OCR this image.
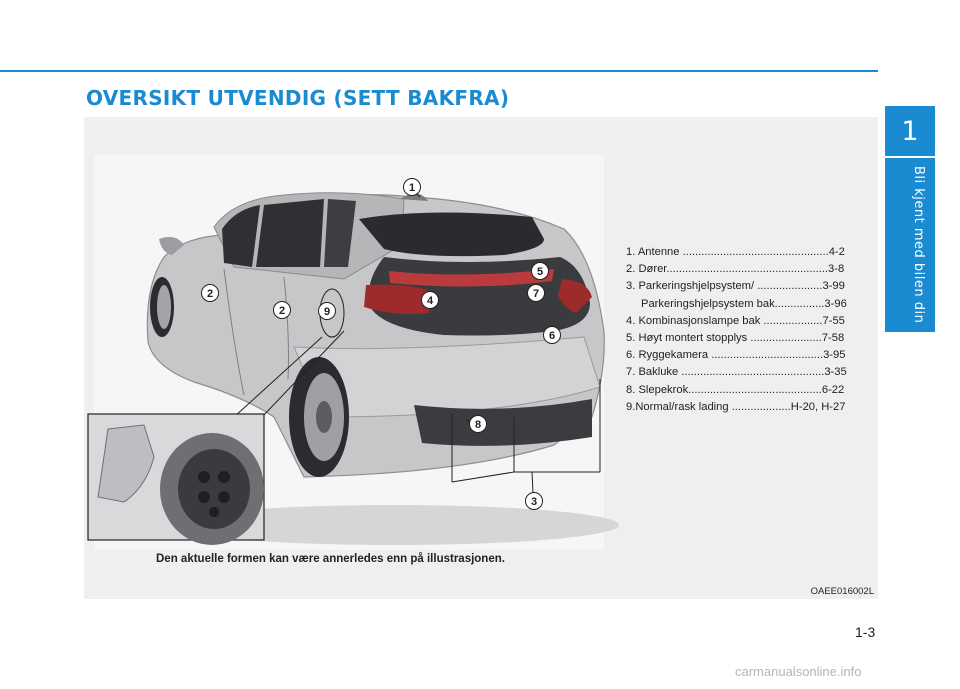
1
Bli kjent med bilen din
OVERSIKT UTVENDIG (SETT BAKFRA)
1
2
2	9
4
5
7
6
8
3
1. Antenne ...............................................4-2
2. Dører....................................................3-8
3. Parkeringshjelpsystem/ .....................3-99
Parkeringshjelpsystem bak................3-96
4. Kombinasjonslampe bak ...................7-55
5. Høyt montert stopplys .......................7-58
6. Ryggekamera ....................................3-95
7. Bakluke ..............................................3-35
8. Slepekrok...........................................6-22
9.Normal/rask lading ...................H-20, H-27
Den aktuelle formen kan være annerledes enn på illustrasjonen.
OAEE016002L
1-3
carmanualsonline.info
